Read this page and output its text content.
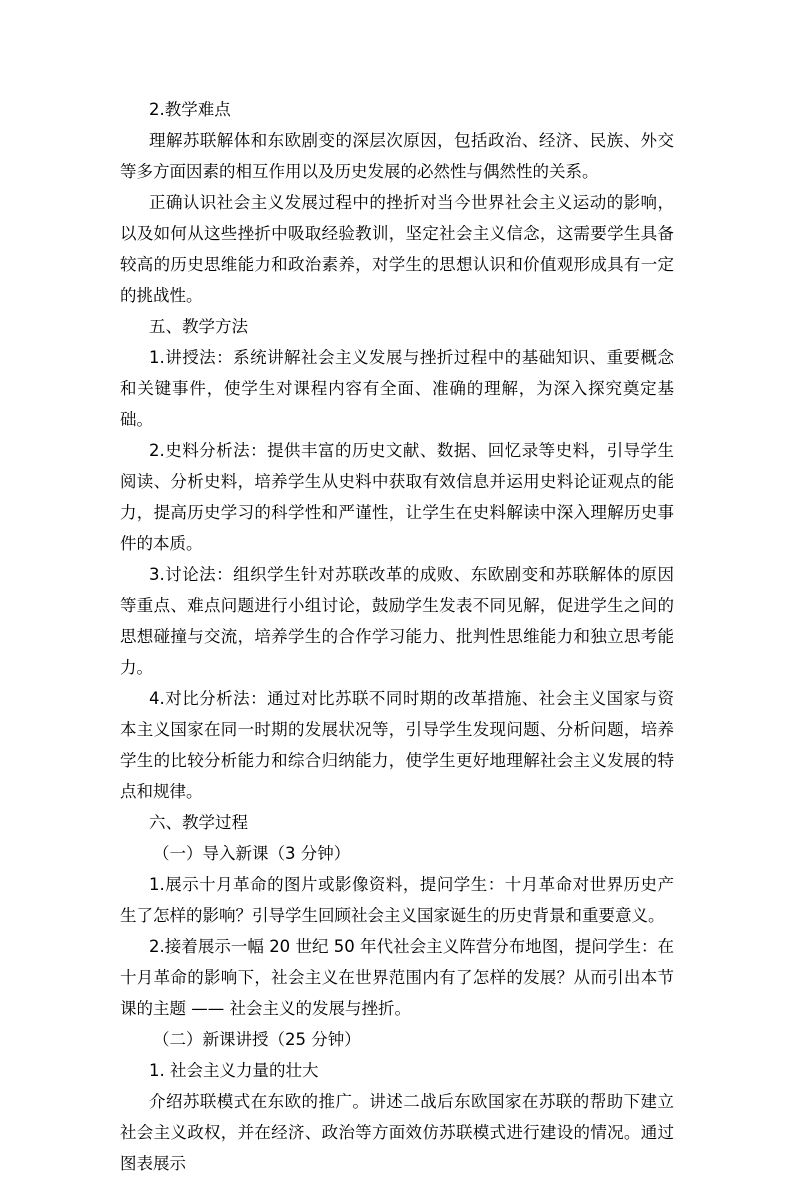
2.教学难点

理解苏联解体和东欧剧变的深层次原因，包括政治、经济、民族、外交等多方面因素的相互作用以及历史发展的必然性与偶然性的关系。

正确认识社会主义发展过程中的挫折对当今世界社会主义运动的影响，以及如何从这些挫折中吸取经验教训，坚定社会主义信念，这需要学生具备较高的历史思维能力和政治素养，对学生的思想认识和价值观形成具有一定的挑战性。

五、教学方法

1.讲授法：系统讲解社会主义发展与挫折过程中的基础知识、重要概念和关键事件，使学生对课程内容有全面、准确的理解，为深入探究奠定基础。

2.史料分析法：提供丰富的历史文献、数据、回忆录等史料，引导学生阅读、分析史料，培养学生从史料中获取有效信息并运用史料论证观点的能力，提高历史学习的科学性和严谨性，让学生在史料解读中深入理解历史事件的本质。

3.讨论法：组织学生针对苏联改革的成败、东欧剧变和苏联解体的原因等重点、难点问题进行小组讨论，鼓励学生发表不同见解，促进学生之间的思想碰撞与交流，培养学生的合作学习能力、批判性思维能力和独立思考能力。

4.对比分析法：通过对比苏联不同时期的改革措施、社会主义国家与资本主义国家在同一时期的发展状况等，引导学生发现问题、分析问题，培养学生的比较分析能力和综合归纳能力，使学生更好地理解社会主义发展的特点和规律。

六、教学过程

（一）导入新课（3 分钟）

1.展示十月革命的图片或影像资料，提问学生：十月革命对世界历史产生了怎样的影响？引导学生回顾社会主义国家诞生的历史背景和重要意义。

2.接着展示一幅 20 世纪 50 年代社会主义阵营分布地图，提问学生：在十月革命的影响下，社会主义在世界范围内有了怎样的发展？从而引出本节课的主题 —— 社会主义的发展与挫折。

（二）新课讲授（25 分钟）

1. 社会主义力量的壮大

介绍苏联模式在东欧的推广。讲述二战后东欧国家在苏联的帮助下建立社会主义政权，并在经济、政治等方面效仿苏联模式进行建设的情况。通过图表展示
